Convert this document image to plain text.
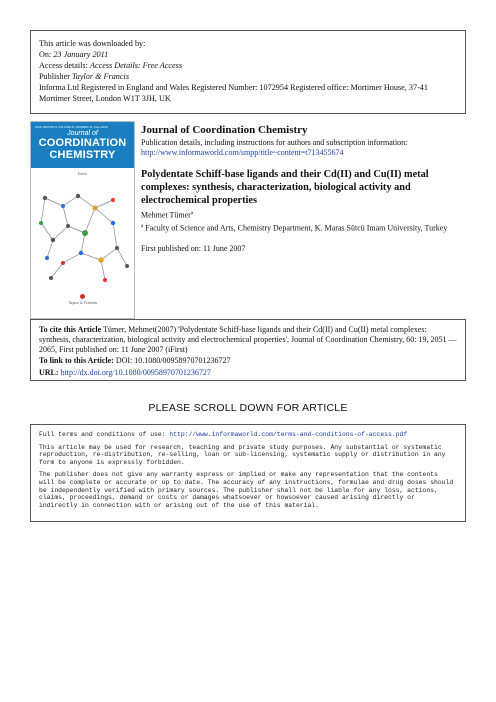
This article was downloaded by:
On: 23 January 2011
Access details: Access Details: Free Access
Publisher Taylor & Francis
Informa Ltd Registered in England and Wales Registered Number: 1072954 Registered office: Mortimer House, 37-41 Mortimer Street, London W1T 3JH, UK
ISSN 0095-8972 VOLUME 61 NUMBER 11 June 2008
Journal of
COORDINATION
CHEMISTRY
Editor
Taylor & Francis
Journal of Coordination Chemistry
Publication details, including instructions for authors and subscription information:
http://www.informaworld.com/smpp/title~content=t713455674
Polydentate Schiff-base ligands and their Cd(II) and Cu(II) metal complexes: synthesis, characterization, biological activity and electrochemical properties
Mehmet Tümer$^a$
$^a$ Faculty of Science and Arts, Chemistry Department, K. Maras Sütcü Imam University, Turkey
First published on: 11 June 2007

To cite this Article Tümer, Mehmet(2007) 'Polydentate Schiff-base ligands and their Cd(II) and Cu(II) metal complexes: synthesis, characterization, biological activity and electrochemical properties', Journal of Coordination Chemistry, 60: 19, 2051 — 2065, First published on: 11 June 2007 (iFirst)

To link to this Article: DOI: 10.1080/00958970701236727

URL: http://dx.doi.org/10.1080/00958970701236727

PLEASE SCROLL DOWN FOR ARTICLE

Full terms and conditions of use: http://www.informaworld.com/terms-and-conditions-of-access.pdf

This article may be used for research, teaching and private study purposes. Any substantial or systematic reproduction, re-distribution, re-selling, loan or sub-licensing, systematic supply or distribution in any form to anyone is expressly forbidden.

The publisher does not give any warranty express or implied or make any representation that the contents will be complete or accurate or up to date. The accuracy of any instructions, formulae and drug doses should be independently verified with primary sources. The publisher shall not be liable for any loss, actions, claims, proceedings, demand or costs or damages whatsoever or howsoever caused arising directly or indirectly in connection with or arising out of the use of this material.
